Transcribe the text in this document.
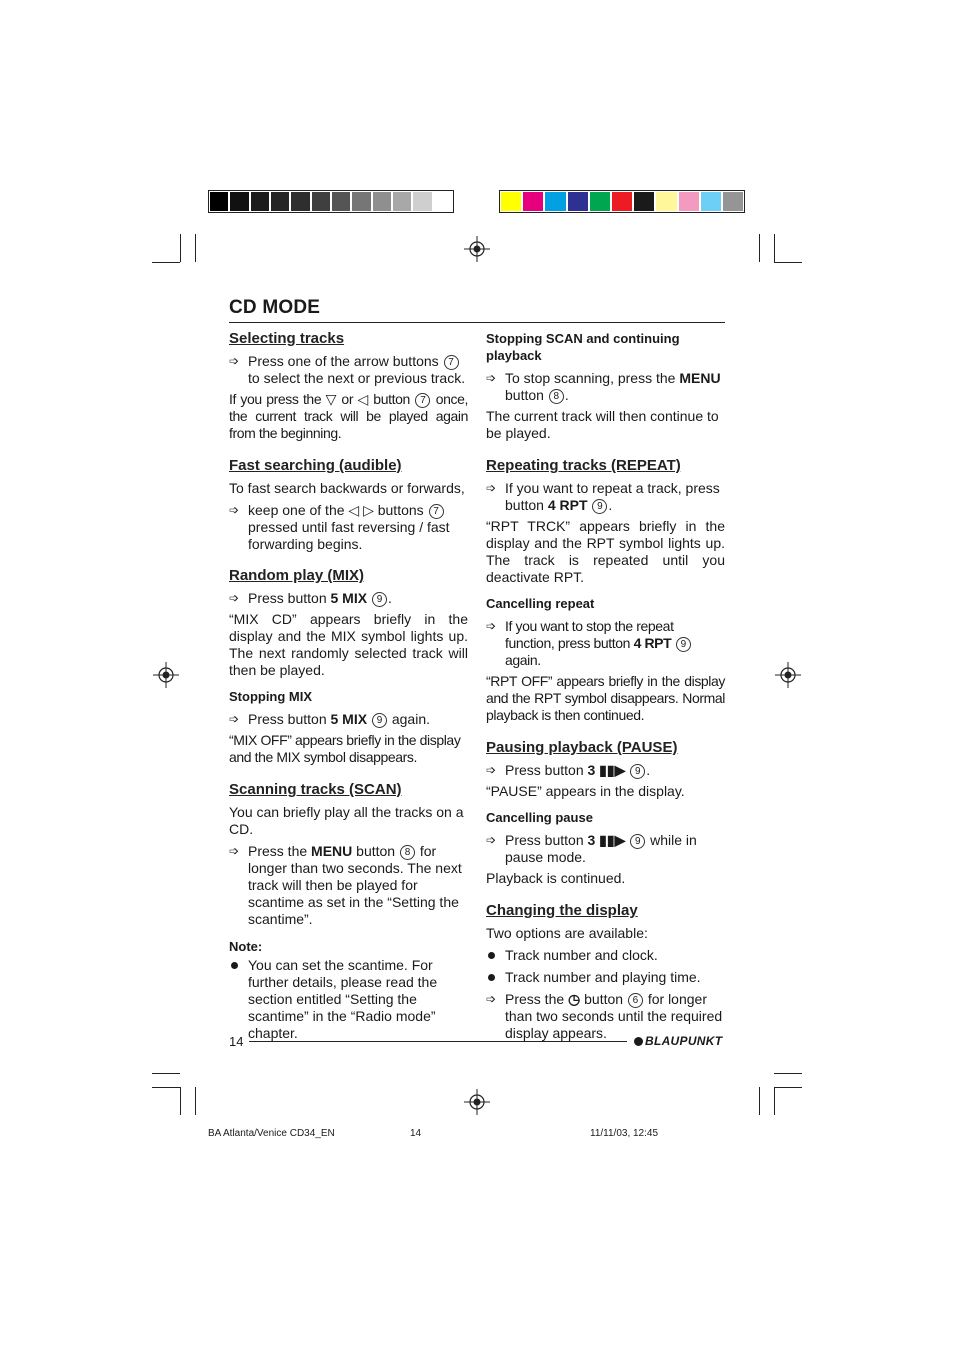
CD MODE
Selecting tracks
➩ Press one of the arrow buttons 7 to select the next or previous track.

If you press the ▽ or ◁ button 7 once, the current track will be played again from the beginning.

Fast searching (audible)

To fast search backwards or forwards,

➩ keep one of the ◁ ▷ buttons 7 pressed until fast reversing / fast forwarding begins.
Random play (MIX)
➩ Press button 5 MIX 9 .

“MIX CD” appears briefly in the display and the MIX symbol lights up. The next randomly selected track will then be played.

Stopping MIX
➩ Press button 5 MIX 9 again.

“MIX OFF” appears briefly in the display and the MIX symbol disappears.

Scanning tracks (SCAN)

You can briefly play all the tracks on a CD.

➩ Press the MENU button 8 for longer than two seconds. The next track will then be played for scantime as set in the “Setting the scantime”.
Note:
You can set the scantime. For further details, please read the section entitled “Setting the scantime” in the “Radio mode” chapter.
Stopping SCAN and continuing playback
➩ To stop scanning, press the MENU button 8 .

The current track will then continue to be played.

Repeating tracks (REPEAT)
➩ If you want to repeat a track, press button 4 RPT 9 .

“RPT TRCK” appears briefly in the display and the RPT symbol lights up. The track is repeated until you deactivate RPT.

Cancelling repeat
➩ If you want to stop the repeat function, press button 4 RPT 9 again.

“RPT OFF” appears briefly in the display and the RPT symbol disappears. Normal playback is then continued.

Pausing playback (PAUSE)
➩ Press button 3 ▮▮▶ 9 .

“PAUSE” appears in the display.

Cancelling pause
➩ Press button 3 ▮▮▶ 9 while in pause mode.

Playback is continued.

Changing the display

Two options are available:

Track number and clock.
Track number and playing time.
➩ Press the ◷ button 6 for longer than two seconds until the required display appears.
14	BLAUPUNKT
BA Atlanta/Venice CD34_EN	14	11/11/03, 12:45
